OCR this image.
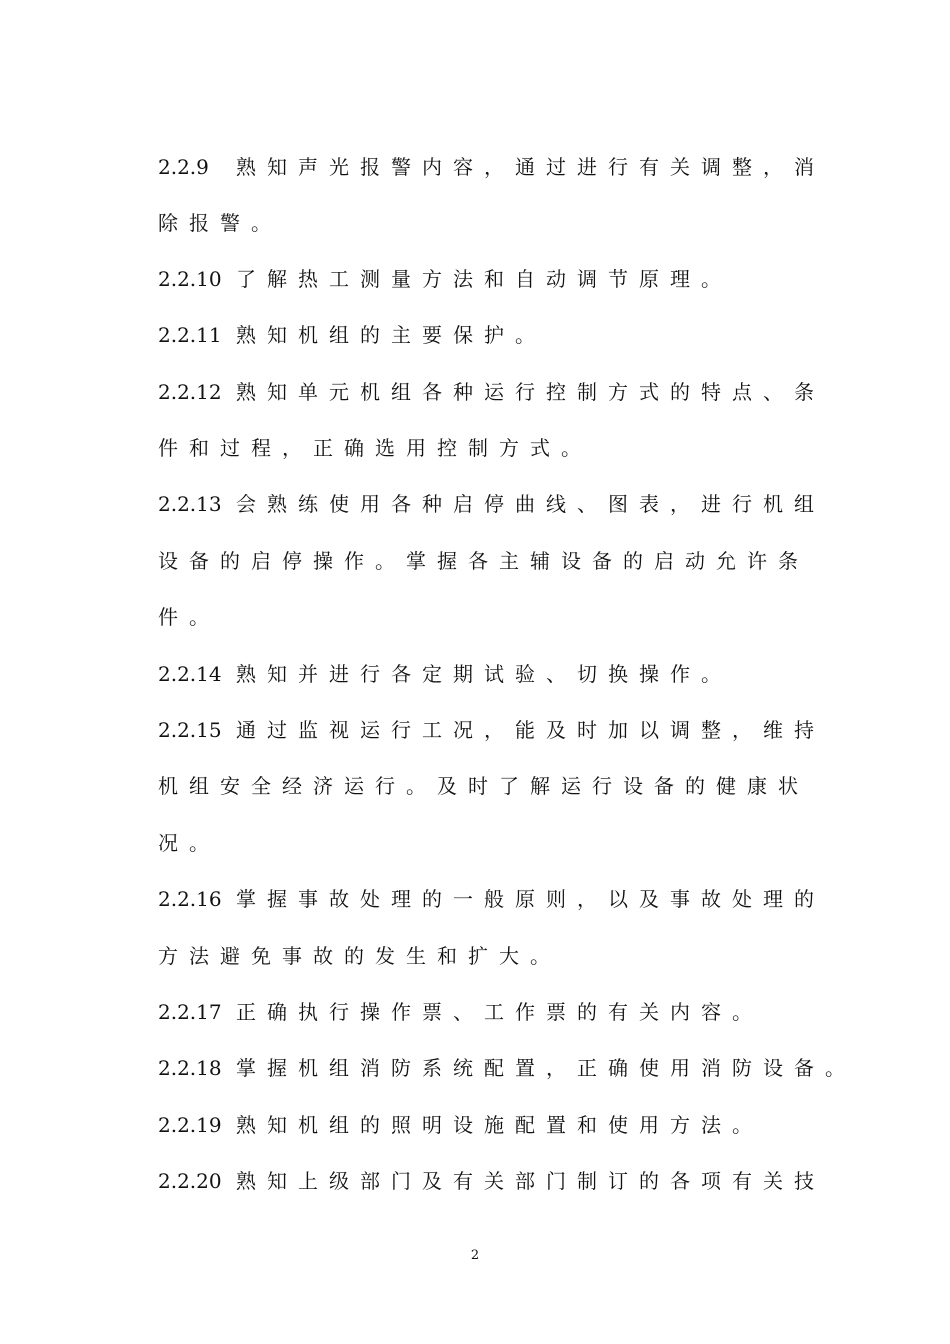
2.2.9 熟知声光报警内容，通过进行有关调整，消
除报警。
2.2.10 了解热工测量方法和自动调节原理。
2.2.11 熟知机组的主要保护。
2.2.12 熟知单元机组各种运行控制方式的特点、条
件和过程，正确选用控制方式。
2.2.13 会熟练使用各种启停曲线、图表，进行机组
设备的启停操作。掌握各主辅设备的启动允许条
件。
2.2.14 熟知并进行各定期试验、切换操作。
2.2.15 通过监视运行工况，能及时加以调整，维持
机组安全经济运行。及时了解运行设备的健康状
况。
2.2.16 掌握事故处理的一般原则，以及事故处理的
方法避免事故的发生和扩大。
2.2.17 正确执行操作票、工作票的有关内容。
2.2.18 掌握机组消防系统配置，正确使用消防设备。
2.2.19 熟知机组的照明设施配置和使用方法。
2.2.20 熟知上级部门及有关部门制订的各项有关技
2
